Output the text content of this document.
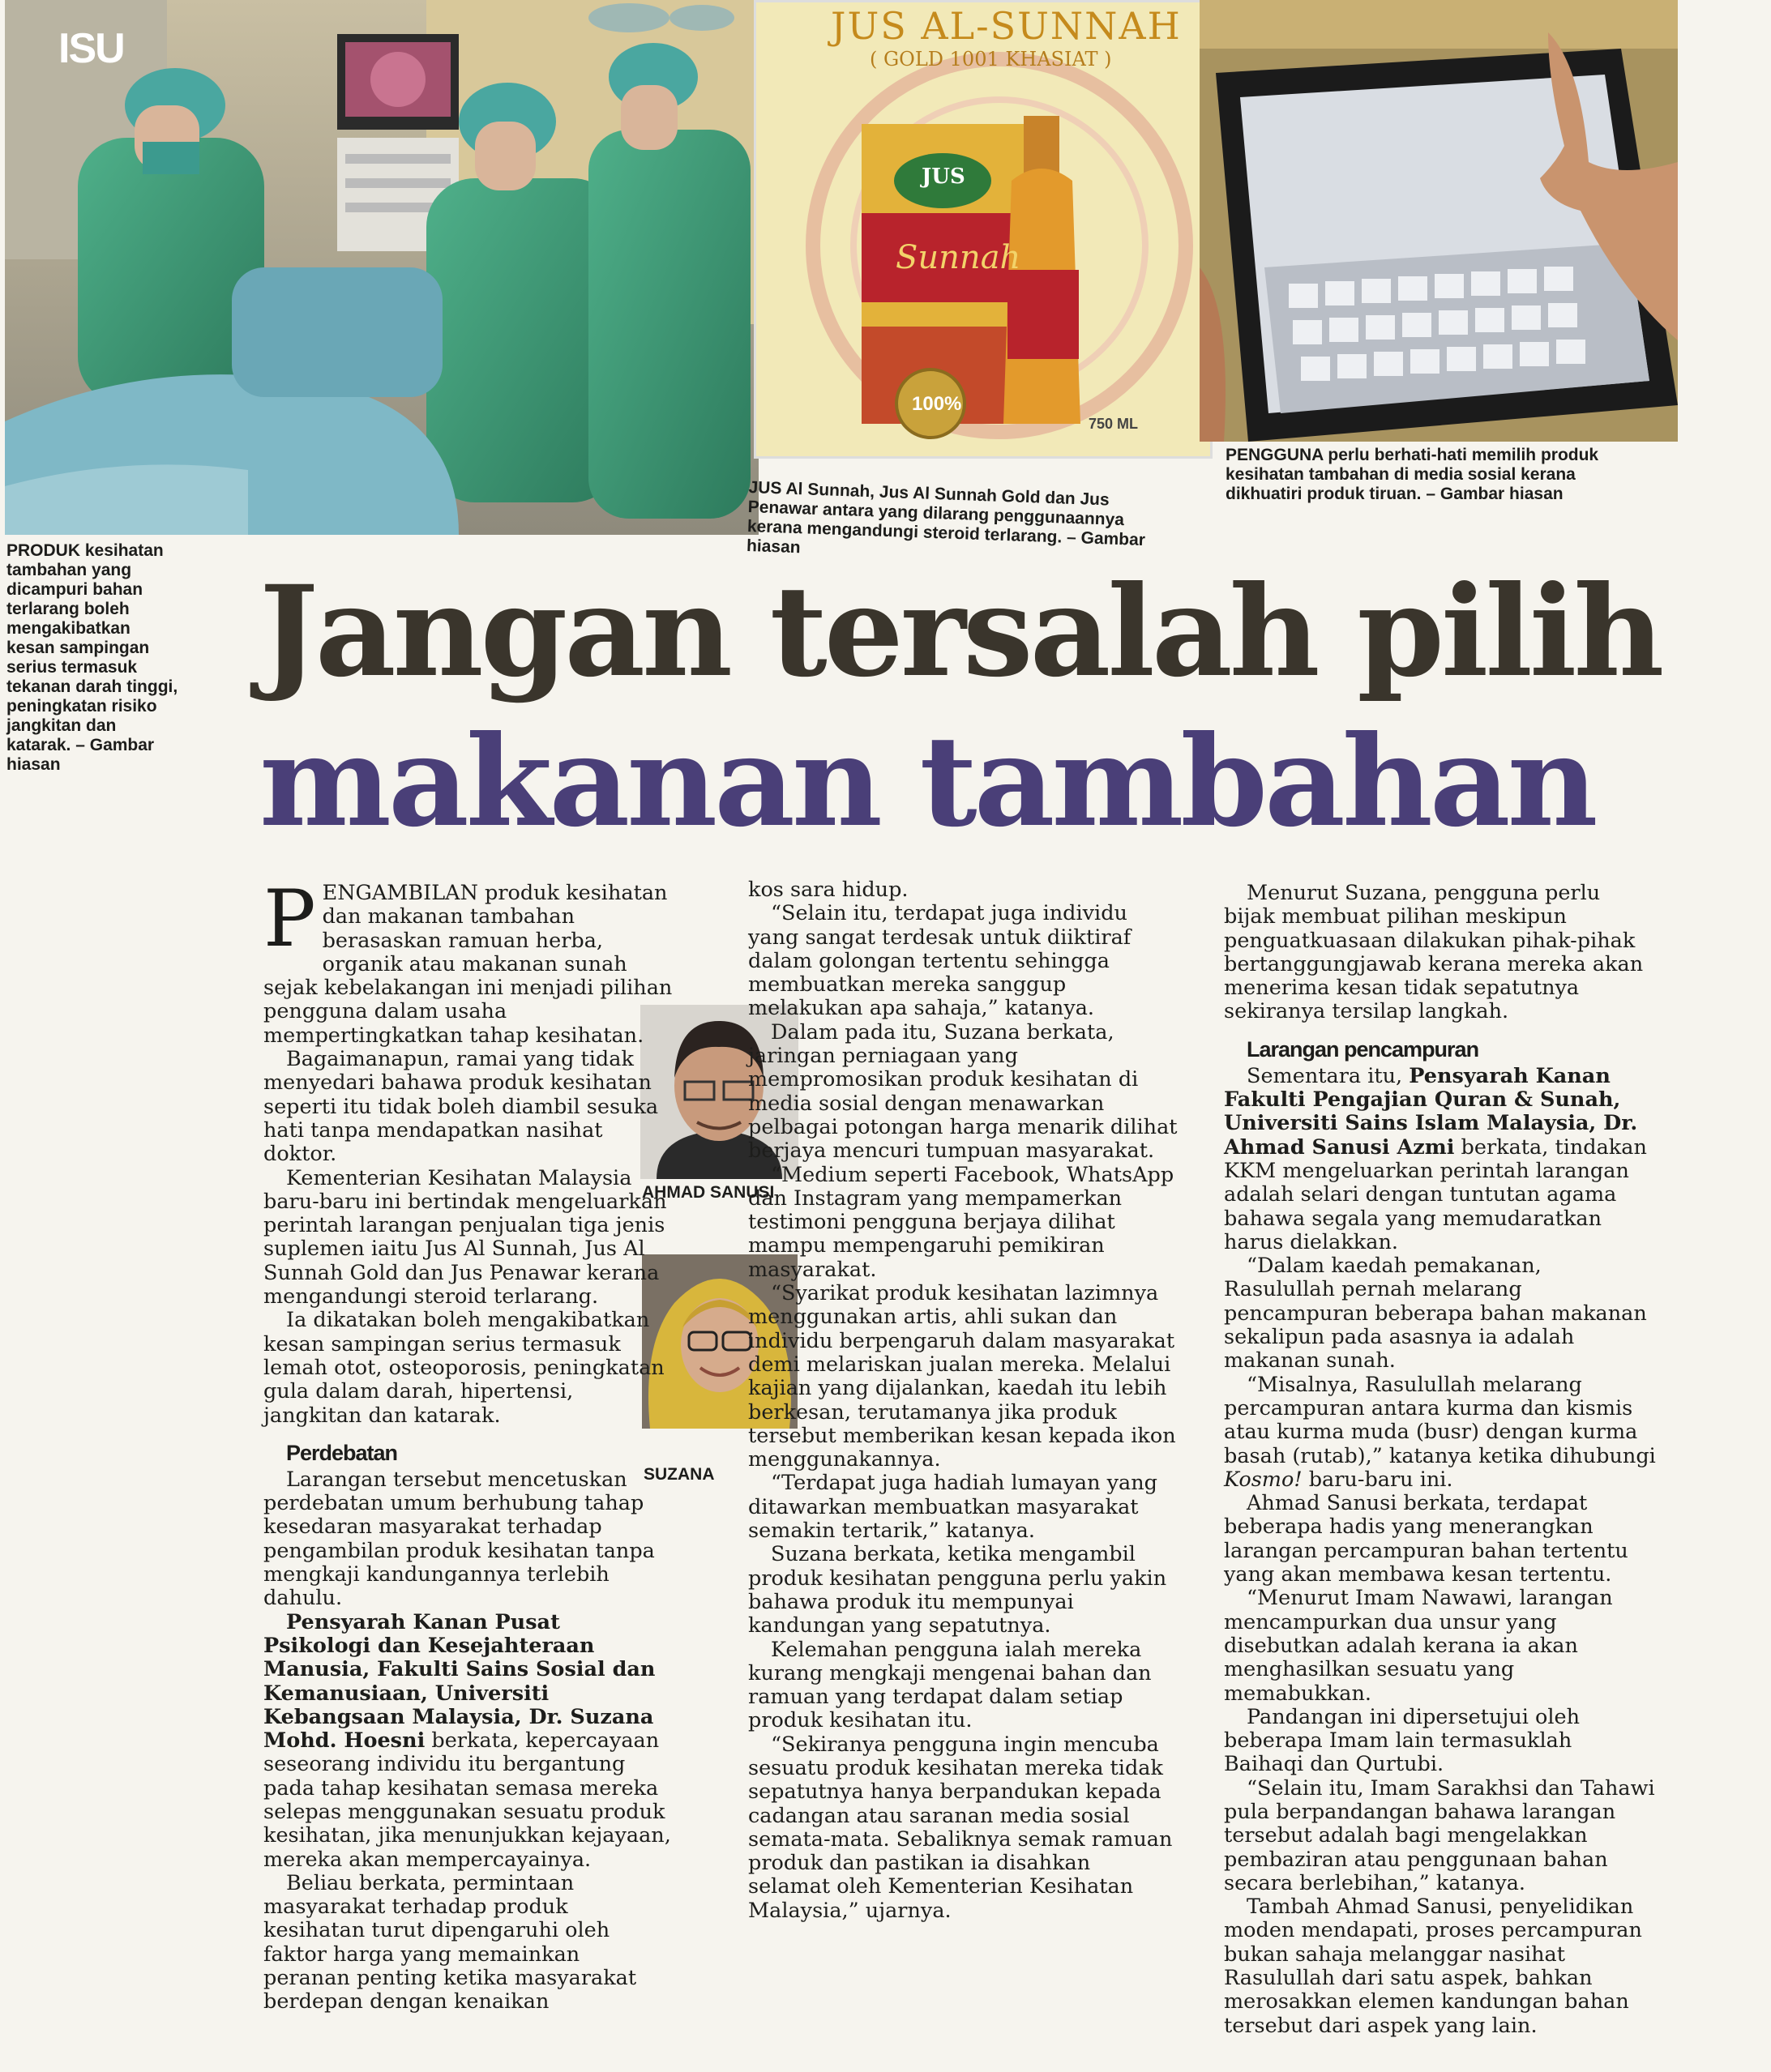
ISU	JUS AL-SUNNAH
( GOLD 1001 KHASIAT )
JUS
Sunnah
100%
750 ML
PRODUK kesihatan tambahan yang dicampuri bahan terlarang boleh mengakibatkan kesan sampingan serius termasuk tekanan darah tinggi, peningkatan risiko jangkitan dan katarak. – Gambar hiasan
JUS Al Sunnah, Jus Al Sunnah Gold dan Jus Penawar antara yang dilarang penggunaannya kerana mengandungi steroid terlarang. – Gambar hiasan
PENGGUNA perlu berhati-hati memilih produk kesihatan tambahan di media sosial kerana dikhuatiri produk tiruan. – Gambar hiasan
Jangan tersalah pilih
makanan tambahan
AHMAD SANUSI
SUZANA

PENGAMBILAN produk kesihatan dan makanan tambahan berasaskan ramuan herba, organik atau makanan sunah sejak kebelakangan ini menjadi pilihan pengguna dalam usaha mempertingkatkan tahap kesihatan.

Bagaimanapun, ramai yang tidak menyedari bahawa produk kesihatan seperti itu tidak boleh diambil sesuka hati tanpa mendapatkan nasihat doktor.

Kementerian Kesihatan Malaysia baru-baru ini bertindak mengeluarkan perintah larangan penjualan tiga jenis suplemen iaitu Jus Al Sunnah, Jus Al Sunnah Gold dan Jus Penawar kerana mengandungi steroid terlarang.

Ia dikatakan boleh mengakibatkan kesan sampingan serius termasuk lemah otot, osteoporosis, peningkatan gula dalam darah, hipertensi, jangkitan dan katarak.

Perdebatan

Larangan tersebut mencetuskan perdebatan umum berhubung tahap kesedaran masyarakat terhadap pengambilan produk kesihatan tanpa mengkaji kandungannya terlebih dahulu.

Pensyarah Kanan Pusat Psikologi dan Kesejahteraan Manusia, Fakulti Sains Sosial dan Kemanusiaan, Universiti Kebangsaan Malaysia, Dr. Suzana Mohd. Hoesni berkata, kepercayaan seseorang individu itu bergantung pada tahap kesihatan semasa mereka selepas menggunakan sesuatu produk kesihatan, jika menunjukkan kejayaan, mereka akan mempercayainya.

Beliau berkata, permintaan masyarakat terhadap produk kesihatan turut dipengaruhi oleh faktor harga yang memainkan peranan penting ketika masyarakat berdepan dengan kenaikan

kos sara hidup.

“Selain itu, terdapat juga individu yang sangat terdesak untuk diiktiraf dalam golongan tertentu sehingga membuatkan mereka sanggup melakukan apa sahaja,” katanya.

Dalam pada itu, Suzana berkata, jaringan perniagaan yang mempromosikan produk kesihatan di media sosial dengan menawarkan pelbagai potongan harga menarik dilihat berjaya mencuri tumpuan masyarakat.

“Medium seperti Facebook, WhatsApp dan Instagram yang mempamerkan testimoni pengguna berjaya dilihat mampu mempengaruhi pemikiran masyarakat.

“Syarikat produk kesihatan lazimnya menggunakan artis, ahli sukan dan individu berpengaruh dalam masyarakat demi melariskan jualan mereka. Melalui kajian yang dijalankan, kaedah itu lebih berkesan, terutamanya jika produk tersebut memberikan kesan kepada ikon menggunakannya.

“Terdapat juga hadiah lumayan yang ditawarkan membuatkan masyarakat semakin tertarik,” katanya.

Suzana berkata, ketika mengambil produk kesihatan pengguna perlu yakin bahawa produk itu mempunyai kandungan yang sepatutnya.

Kelemahan pengguna ialah mereka kurang mengkaji mengenai bahan dan ramuan yang terdapat dalam setiap produk kesihatan itu.

“Sekiranya pengguna ingin mencuba sesuatu produk kesihatan mereka tidak sepatutnya hanya berpandukan kepada cadangan atau saranan media sosial semata-mata. Sebaliknya semak ramuan produk dan pastikan ia disahkan selamat oleh Kementerian Kesihatan Malaysia,” ujarnya.

Menurut Suzana, pengguna perlu bijak membuat pilihan meskipun penguatkuasaan dilakukan pihak-pihak bertanggungjawab kerana mereka akan menerima kesan tidak sepatutnya sekiranya tersilap langkah.

Larangan pencampuran

Sementara itu, Pensyarah Kanan Fakulti Pengajian Quran & Sunah, Universiti Sains Islam Malaysia, Dr. Ahmad Sanusi Azmi berkata, tindakan KKM mengeluarkan perintah larangan adalah selari dengan tuntutan agama bahawa segala yang memudaratkan harus dielakkan.

“Dalam kaedah pemakanan, Rasulullah pernah melarang pencampuran beberapa bahan makanan sekalipun pada asasnya ia adalah makanan sunah.

“Misalnya, Rasulullah melarang percampuran antara kurma dan kismis atau kurma muda (busr) dengan kurma basah (rutab),” katanya ketika dihubungi Kosmo! baru-baru ini.

Ahmad Sanusi berkata, terdapat beberapa hadis yang menerangkan larangan percampuran bahan tertentu yang akan membawa kesan tertentu.

“Menurut Imam Nawawi, larangan mencampurkan dua unsur yang disebutkan adalah kerana ia akan menghasilkan sesuatu yang memabukkan.

Pandangan ini dipersetujui oleh beberapa Imam lain termasuklah Baihaqi dan Qurtubi.

“Selain itu, Imam Sarakhsi dan Tahawi pula berpandangan bahawa larangan tersebut adalah bagi mengelakkan pembaziran atau penggunaan bahan secara berlebihan,” katanya.

Tambah Ahmad Sanusi, penyelidikan moden mendapati, proses percampuran bukan sahaja melanggar nasihat Rasulullah dari satu aspek, bahkan merosakkan elemen kandungan bahan tersebut dari aspek yang lain.
